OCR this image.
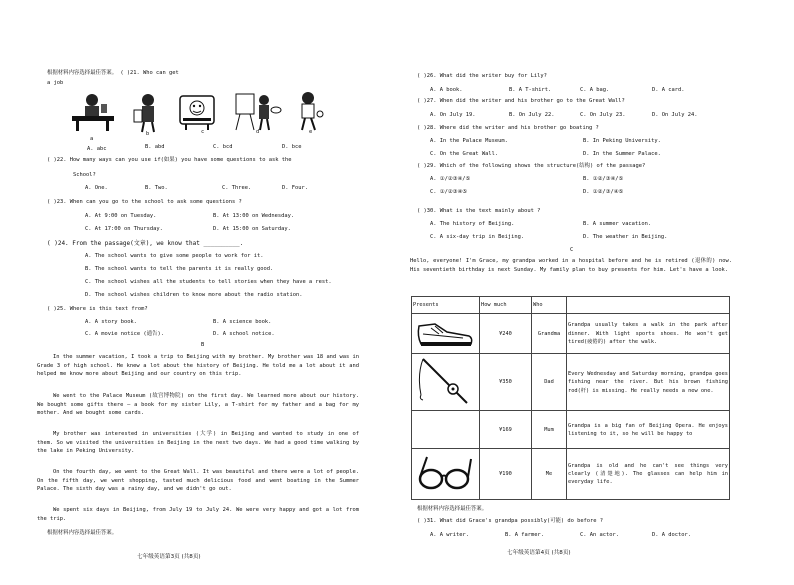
根据材料内容选择最佳答案。 ( )21. Who can get
a job
a
b	c	d	e
A. abc	B. abd	C. bcd	D. bce
( )22. How many ways can you use if(如果) you have some questions to ask the
School?
A. One.	B. Two.	C. Three.	D. Four.
( )23. When can you go to the school to ask some questions ?
A. At 9:00 on Tuesday.	B. At 13:00 on Wednesday.
C. At 17:00 on Thursday.	D. At 15:00 on Saturday.
( )24. From the passage(文章), we know that __________.
A. The school wants to give some people to work for it.
B. The school wants to tell the parents it is really good.
C. The school wishes all the students to tell stories when they have a rest.
D. The school wishes children to know more about the radio station.
( )25. Where is this text from?
A. A story book.	B. A science book.
C. A movie notice (通告).	D. A school notice.
B
In the summer vacation, I took a trip to Beijing with my brother. My brother was 18 and was in Grade 3 of high school. He knew a lot about the history of Beijing. He told me a lot about it and helped me know more about Beijing and our country on this trip.
We went to the Palace Museum (故宫博物院) on the first day. We learned more about our history. We bought some gifts there — a book for my sister Lily, a T-shirt for my father and a bag for my mother. And we bought some cards.
My brother was interested in universities (大学) in Beijing and wanted to study in one of them. So we visited the universities in Beijing in the next two days. We had a good time walking by the lake in Peking University.
On the fourth day, we went to the Great Wall. It was beautiful and there were a lot of people. On the fifth day, we went shopping, tasted much delicious food and went boating in the Summer Palace. The sixth day was a rainy day, and we didn't go out.
We spent six days in Beijing, from July 19 to July 24. We were very happy and got a lot from the trip.
根据材料内容选择最佳答案。
七年级英语第3页 (共8页)
( )26. What did the writer buy for Lily?
A. A book.	B. A T-shirt.	C. A bag.	D. A card.
( )27. When did the writer and his brother go to the Great Wall?
A. On July 19.	B. On July 22.	C. On July 23.	D. On July 24.
( )28. Where did the writer and his brother go boating ?
A. In the Palace Museum.	B. In Peking University.
C. On the Great Wall.	D. In the Summer Palace.
( )29. Which of the following shows the structure(结构) of the passage?
A. ①/②③④/⑤	B. ①②/③④/⑤
C. ①/②③④⑤	D. ①②/③/④⑤
( )30. What is the text mainly about ?
A. The history of Beijing.	B. A summer vacation.
C. A six-day trip in Beijing.	D. The weather in Beijing.
C
Hello, everyone! I'm Grace, my grandpa worked in a hospital before and he is retired (退休的) now. His seventieth birthday is next Sunday. My family plan to buy presents for him. Let's have a look.
Presents	How much	Who	
	¥240	Grandma	Grandpa usually takes a walk in the park after dinner. With light sports shoes. He won't get tired(疲倦的) after the walk.
	¥350	Dad	Every Wednesday and Saturday morning, grandpa goes fishing near the river. But his brown fishing rod(杆) is missing. He really needs a new one.
	¥169	Mum	Grandpa is a big fan of Beijing Opera. He enjoys listening to it, so he will be happy to
	¥190	Me	Grandpa is old and he can't see things very clearly (清楚地). The glasses can help him in everyday life.
根据材料内容选择最佳答案。
( )31. What did Grace's grandpa possibly(可能) do before ?
A. A writer.	B. A farmer.	C. An actor.	D. A doctor.
七年级英语第4页 (共8页)
